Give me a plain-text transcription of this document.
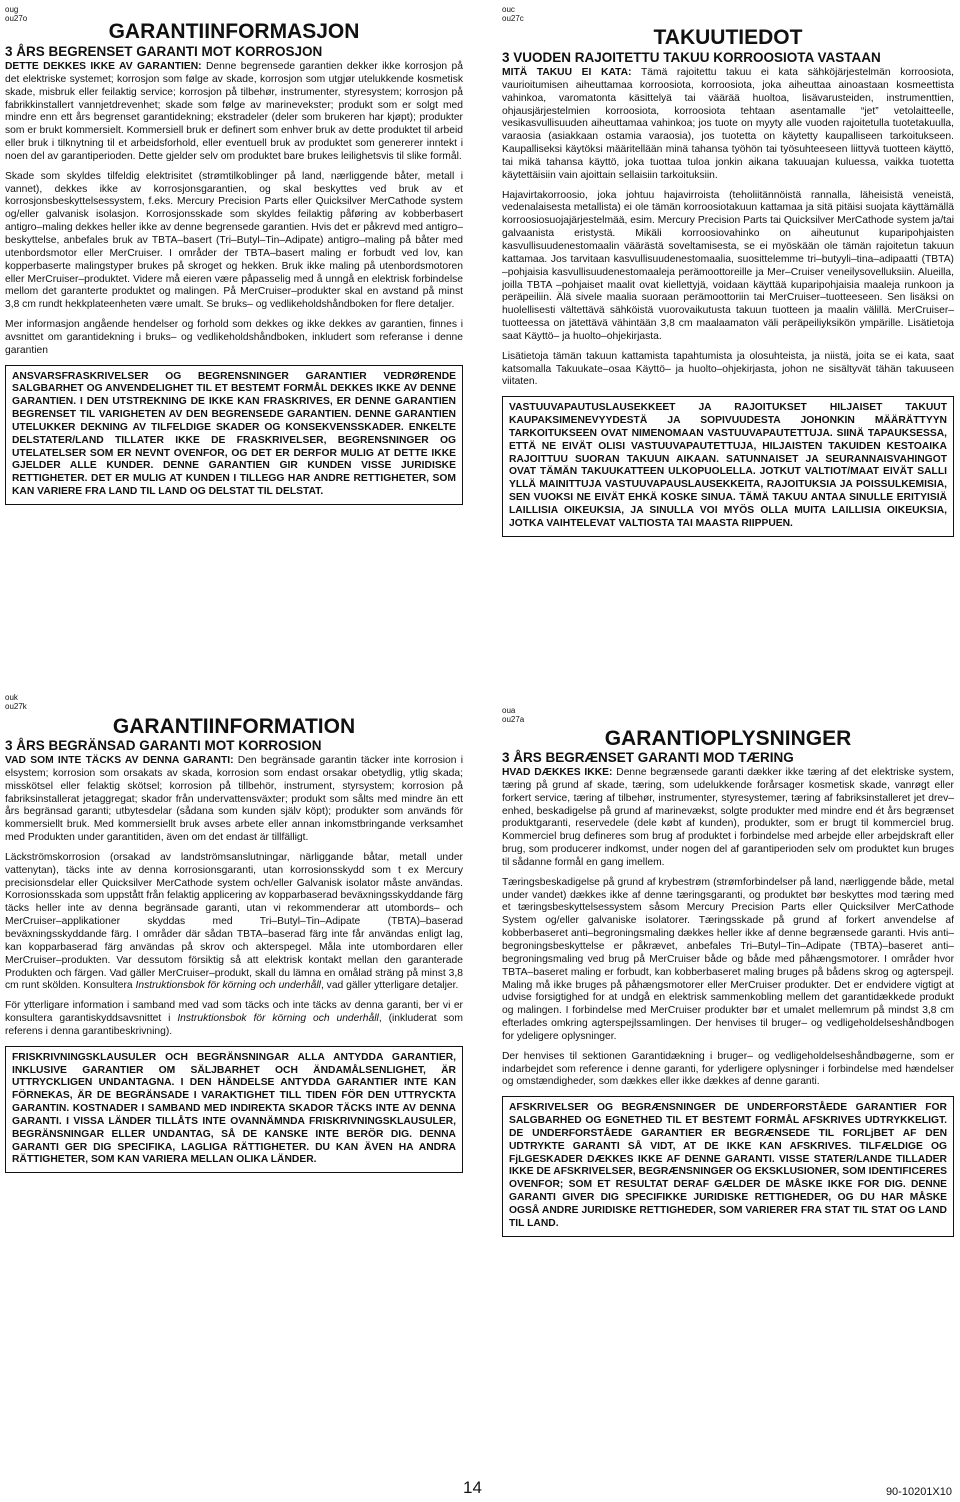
oug
ou27o
GARANTIINFORMASJON
3 ÅRS BEGRENSET GARANTI MOT KORROSJON

DETTE DEKKES IKKE AV GARANTIEN: Denne begrensede garantien dekker ikke korrosjon på det elektriske systemet; korrosjon som følge av skade, korrosjon som utgjør utelukkende kosmetisk skade, misbruk eller feilaktig service; korrosjon på tilbehør, instrumenter, styresystem; korrosjon på fabrikkinstallert vannjetdrevenhet; skade som følge av marinevekster; produkt som er solgt med mindre enn ett års begrenset garantidekning; ekstradeler (deler som brukeren har kjøpt); produkter som er brukt kommersielt. Kommersiell bruk er definert som enhver bruk av dette produktet til arbeid eller bruk i tilknytning til et arbeidsforhold, eller eventuell bruk av produktet som genererer inntekt i noen del av garantiperioden. Dette gjelder selv om produktet bare brukes leilighetsvis til slike formål.

Skade som skyldes tilfeldig elektrisitet (strømtilkoblinger på land, nærliggende båter, metall i vannet), dekkes ikke av korrosjonsgarantien, og skal beskyttes ved bruk av et korrosjonsbeskyttelsessystem, f.eks. Mercury Precision Parts eller Quicksilver MerCathode system og/eller galvanisk isolasjon. Korrosjonsskade som skyldes feilaktig påføring av kobberbasert antigro–maling dekkes heller ikke av denne begrensede garantien. Hvis det er påkrevd med antigro–beskyttelse, anbefales bruk av TBTA–basert (Tri–Butyl–Tin–Adipate) antigro–maling på båter med utenbordsmotor eller MerCruiser. I områder der TBTA–basert maling er forbudt ved lov, kan kopperbaserte malingstyper brukes på skroget og hekken. Bruk ikke maling på utenbordsmotoren eller MerCruiser–produktet. Videre må eieren være påpasselig med å unngå en elektrisk forbindelse mellom det garanterte produktet og malingen. På MerCruiser–produkter skal en avstand på minst 3,8 cm rundt hekkplateenheten være umalt. Se bruks– og vedlikeholdshåndboken for flere detaljer.

Mer informasjon angående hendelser og forhold som dekkes og ikke dekkes av garantien, finnes i avsnittet om garantidekning i bruks– og vedlikeholdshåndboken, inkludert som referanse i denne garantien

ANSVARSFRASKRIVELSER OG BEGRENSNINGER GARANTIER VEDRØRENDE SALGBARHET OG ANVENDELIGHET TIL ET BESTEMT FORMÅL DEKKES IKKE AV DENNE GARANTIEN. I DEN UTSTREKNING DE IKKE KAN FRASKRIVES, ER DENNE GARANTIEN BEGRENSET TIL VARIGHETEN AV DEN BEGRENSEDE GARANTIEN. DENNE GARANTIEN UTELUKKER DEKNING AV TILFELDIGE SKADER OG KONSEKVENSSKADER. ENKELTE DELSTATER/LAND TILLATER IKKE DE FRASKRIVELSER, BEGRENSNINGER OG UTELATELSER SOM ER NEVNT OVENFOR, OG DET ER DERFOR MULIG AT DETTE IKKE GJELDER ALLE KUNDER. DENNE GARANTIEN GIR KUNDEN VISSE JURIDISKE RETTIGHETER. DET ER MULIG AT KUNDEN I TILLEGG HAR ANDRE RETTIGHETER, SOM KAN VARIERE FRA LAND TIL LAND OG DELSTAT TIL DELSTAT.
ouc
ou27c
TAKUUTIEDOT
3 VUODEN RAJOITETTU TAKUU KORROOSIOTA VASTAAN

MITÄ TAKUU EI KATA: Tämä rajoitettu takuu ei kata sähköjärjestelmän korroosiota, vaurioitumisen aiheuttamaa korroosiota, korroosiota, joka aiheuttaa ainoastaan kosmeettista vahinkoa, varomatonta käsittelyä tai väärää huoltoa, lisävarusteiden, instrumenttien, ohjausjärjestelmien korroosiota, korroosiota tehtaan asentamalle “jet” vetolaitteelle, vesikasvullisuuden aiheuttamaa vahinkoa; jos tuote on myyty alle vuoden rajoitetulla tuotetakuulla, varaosia (asiakkaan ostamia varaosia), jos tuotetta on käytetty kaupalliseen tarkoitukseen. Kaupalliseksi käytöksi määritellään minä tahansa työhön tai työsuhteeseen liittyvä tuotteen käyttö, tai mikä tahansa käyttö, joka tuottaa tuloa jonkin aikana takuuajan kuluessa, vaikka tuotetta käytettäisiin vain ajoittain sellaisiin tarkoituksiin.

Hajavirtakorroosio, joka johtuu hajavirroista (teholiitännöistä rannalla, läheisistä veneistä, vedenalaisesta metallista) ei ole tämän korroosiotakuun kattamaa ja sitä pitäisi suojata käyttämällä korroosiosuojajärjestelmää, esim. Mercury Precision Parts tai Quicksilver MerCathode system ja/tai galvaanista eristystä. Mikäli korroosiovahinko on aiheutunut kuparipohjaisten kasvullisuudenestomaalin väärästä soveltamisesta, se ei myöskään ole tämän rajoitetun takuun kattamaa. Jos tarvitaan kasvullisuudenestomaalia, suosittelemme tri–butyyli–tina–adipaatti (TBTA) –pohjaisia kasvullisuudenestomaaleja perämoottoreille ja Mer–Cruiser veneilysovelluksiin. Alueilla, joilla TBTA –pohjaiset maalit ovat kiellettyjä, voidaan käyttää kuparipohjaisia maaleja runkoon ja peräpeiliin. Älä sivele maalia suoraan perämoottoriin tai MerCruiser–tuotteeseen. Sen lisäksi on huolellisesti vältettävä sähköistä vuorovaikutusta takuun tuotteen ja maalin välillä. MerCruiser–tuotteessa on jätettävä vähintään 3,8 cm maalaamaton väli peräpeiliyksikön ympärille. Lisätietoja saat Käyttö– ja huolto–ohjekirjasta.

Lisätietoja tämän takuun kattamista tapahtumista ja olosuhteista, ja niistä, joita se ei kata, saat katsomalla Takuukate–osaa Käyttö– ja huolto–ohjekirjasta, johon ne sisältyvät tähän takuuseen viitaten.

VASTUUVAPAUTUSLAUSEKKEET JA RAJOITUKSET HILJAISET TAKUUT KAUPAKSIMENEVYYDESTÄ JA SOPIVUUDESTA JOHONKIN MÄÄRÄTTYYN TARKOITUKSEEN OVAT NIMENOMAAN VASTUUVAPAUTETTUJA. SIINÄ TAPAUKSESSA, ETTÄ NE EIVÄT OLISI VASTUUVAPAUTETTUJA, HILJAISTEN TAKUIDEN KESTOAIKA RAJOITTUU SUORAN TAKUUN AIKAAN. SATUNNAISET JA SEURANNAISVAHINGOT OVAT TÄMÄN TAKUUKATTEEN ULKOPUOLELLA. JOTKUT VALTIOT/MAAT EIVÄT SALLI YLLÄ MAINITTUJA VASTUUVAPAUSLAUSEKKEITA, RAJOITUKSIA JA POISSULKEMISIA, SEN VUOKSI NE EIVÄT EHKÄ KOSKE SINUA. TÄMÄ TAKUU ANTAA SINULLE ERITYISIÄ LAILLISIA OIKEUKSIA, JA SINULLA VOI MYÖS OLLA MUITA LAILLISIA OIKEUKSIA, JOTKA VAIHTELEVAT VALTIOSTA TAI MAASTA RIIPPUEN.
ouk
ou27k
GARANTIINFORMATION
3 ÅRS BEGRÄNSAD GARANTI MOT KORROSION

VAD SOM INTE TÄCKS AV DENNA GARANTI: Den begränsade garantin täcker inte korrosion i elsystem; korrosion som orsakats av skada, korrosion som endast orsakar obetydlig, ytlig skada; misskötsel eller felaktig skötsel; korrosion på tillbehör, instrument, styrsystem; korrosion på fabriksinstallerat jetaggregat; skador från undervattensväxter; produkt som sålts med mindre än ett års begränsad garanti; utbytesdelar (sådana som kunden själv köpt); produkter som används för kommersiellt bruk. Med kommersiellt bruk avses arbete eller annan inkomstbringande verksamhet med Produkten under garantitiden, även om det endast är tillfälligt.

Läckströmskorrosion (orsakad av landströmsanslutningar, närliggande båtar, metall under vattenytan), täcks inte av denna korrosionsgaranti, utan korrosionsskydd som t ex Mercury precisionsdelar eller Quicksilver MerCathode system och/eller Galvanisk isolator måste användas. Korrosionsskada som uppstått från felaktig applicering av kopparbaserad beväxningsskyddande färg täcks heller inte av denna begränsade garanti, utan vi rekommenderar att utombords– och MerCruiser–applikationer skyddas med Tri–Butyl–Tin–Adipate (TBTA)–baserad beväxningsskyddande färg. I områder där sådan TBTA–baserad färg inte får användas enligt lag, kan kopparbaserad färg användas på skrov och akterspegel. Måla inte utombordaren eller MerCruiser–produkten. Var dessutom försiktig så att elektrisk kontakt mellan den garanterade Produkten och färgen. Vad gäller MerCruiser–produkt, skall du lämna en omålad sträng på minst 3,8 cm runt skölden. Konsultera Instruktionsbok för körning och underhåll, vad gäller ytterligare detaljer.

För ytterligare information i samband med vad som täcks och inte täcks av denna garanti, ber vi er konsultera garantiskyddsavsnittet i Instruktionsbok för körning och underhåll, (inkluderat som referens i denna garantibeskrivning).

FRISKRIVNINGSKLAUSULER OCH BEGRÄNSNINGAR ALLA ANTYDDA GARANTIER, INKLUSIVE GARANTIER OM SÄLJBARHET OCH ÄNDAMÅLSENLIGHET, ÄR UTTRYCKLIGEN UNDANTAGNA. I DEN HÄNDELSE ANTYDDA GARANTIER INTE KAN FÖRNEKAS, ÄR DE BEGRÄNSADE I VARAKTIGHET TILL TIDEN FÖR DEN UTTRYCKTA GARANTIN. KOSTNADER I SAMBAND MED INDIREKTA SKADOR TÄCKS INTE AV DENNA GARANTI. I VISSA LÄNDER TILLÅTS INTE OVANNÄMNDA FRISKRIVNINGSKLAUSULER, BEGRÄNSNINGAR ELLER UNDANTAG, SÅ DE KANSKE INTE BERÖR DIG. DENNA GARANTI GER DIG SPECIFIKA, LAGLIGA RÄTTIGHETER. DU KAN ÄVEN HA ANDRA RÄTTIGHETER, SOM KAN VARIERA MELLAN OLIKA LÄNDER.
oua
ou27a
GARANTIOPLYSNINGER
3 ÅRS BEGRÆNSET GARANTI MOD TÆRING

HVAD DÆKKES IKKE: Denne begrænsede garanti dækker ikke tæring af det elektriske system, tæring på grund af skade, tæring, som udelukkende forårsager kosmetisk skade, vanrøgt eller forkert service, tæring af tilbehør, instrumenter, styresystemer, tæring af fabriksinstalleret jet drev–enhed, beskadigelse på grund af marinevækst, solgte produkter med mindre end ét års begrænset produktgaranti, reservedele (dele købt af kunden), produkter, som er brugt til kommerciel brug. Kommerciel brug defineres som brug af produktet i forbindelse med arbejde eller arbejdskraft eller brug, som producerer indkomst, under nogen del af garantiperioden selv om produktet kun bruges til sådanne formål en gang imellem.

Tæringsbeskadigelse på grund af krybestrøm (strømforbindelser på land, nærliggende både, metal under vandet) dækkes ikke af denne tæringsgaranti, og produktet bør beskyttes mod tæring med et tæringsbeskyttelsessystem såsom Mercury Precision Parts eller Quicksilver MerCathode System og/eller galvaniske isolatorer. Tæringsskade på grund af forkert anvendelse af kobberbaseret anti–begroningsmaling dækkes heller ikke af denne begrænsede garanti. Hvis anti–begroningsbeskyttelse er påkrævet, anbefales Tri–Butyl–Tin–Adipate (TBTA)–baseret anti–begroningsmaling ved brug på MerCruiser både og både med påhængsmotorer. I områder hvor TBTA–baseret maling er forbudt, kan kobberbaseret maling bruges på bådens skrog og agterspejl. Maling må ikke bruges på påhængsmotorer eller MerCruiser produkter. Det er endvidere vigtigt at udvise forsigtighed for at undgå en elektrisk sammenkobling mellem det garantidækkede produkt og malingen. I forbindelse med MerCruiser produkter bør et umalet mellemrum på mindst 3,8 cm efterlades omkring agterspejlssamlingen. Der henvises til bruger– og vedligeholdelseshåndbogen for ydeligere oplysninger.

Der henvises til sektionen Garantidækning i bruger– og vedligeholdelseshåndbøgerne, som er indarbejdet som reference i denne garanti, for yderligere oplysninger i forbindelse med hændelser og omstændigheder, som dækkes eller ikke dækkes af denne garanti.

AFSKRIVELSER OG BEGRÆNSNINGER DE UNDERFORSTÅEDE GARANTIER FOR SALGBARHED OG EGNETHED TIL ET BESTEMT FORMÅL AFSKRIVES UDTRYKKELIGT. DE UNDERFORSTÅEDE GARANTIER ER BEGRÆNSEDE TIL FORLjBET AF DEN UDTRYKTE GARANTI SÅ VIDT, AT DE IKKE KAN AFSKRIVES. TILFÆLDIGE OG FjLGESKADER DÆKKES IKKE AF DENNE GARANTI. VISSE STATER/LANDE TILLADER IKKE DE AFSKRIVELSER, BEGRÆNSNINGER OG EKSKLUSIONER, SOM IDENTIFICERES OVENFOR; SOM ET RESULTAT DERAF GÆLDER DE MÅSKE IKKE FOR DIG. DENNE GARANTI GIVER DIG SPECIFIKKE JURIDISKE RETTIGHEDER, OG DU HAR MÅSKE OGSÅ ANDRE JURIDISKE RETTIGHEDER, SOM VARIERER FRA STAT TIL STAT OG LAND TIL LAND.
14	90-10201X10
